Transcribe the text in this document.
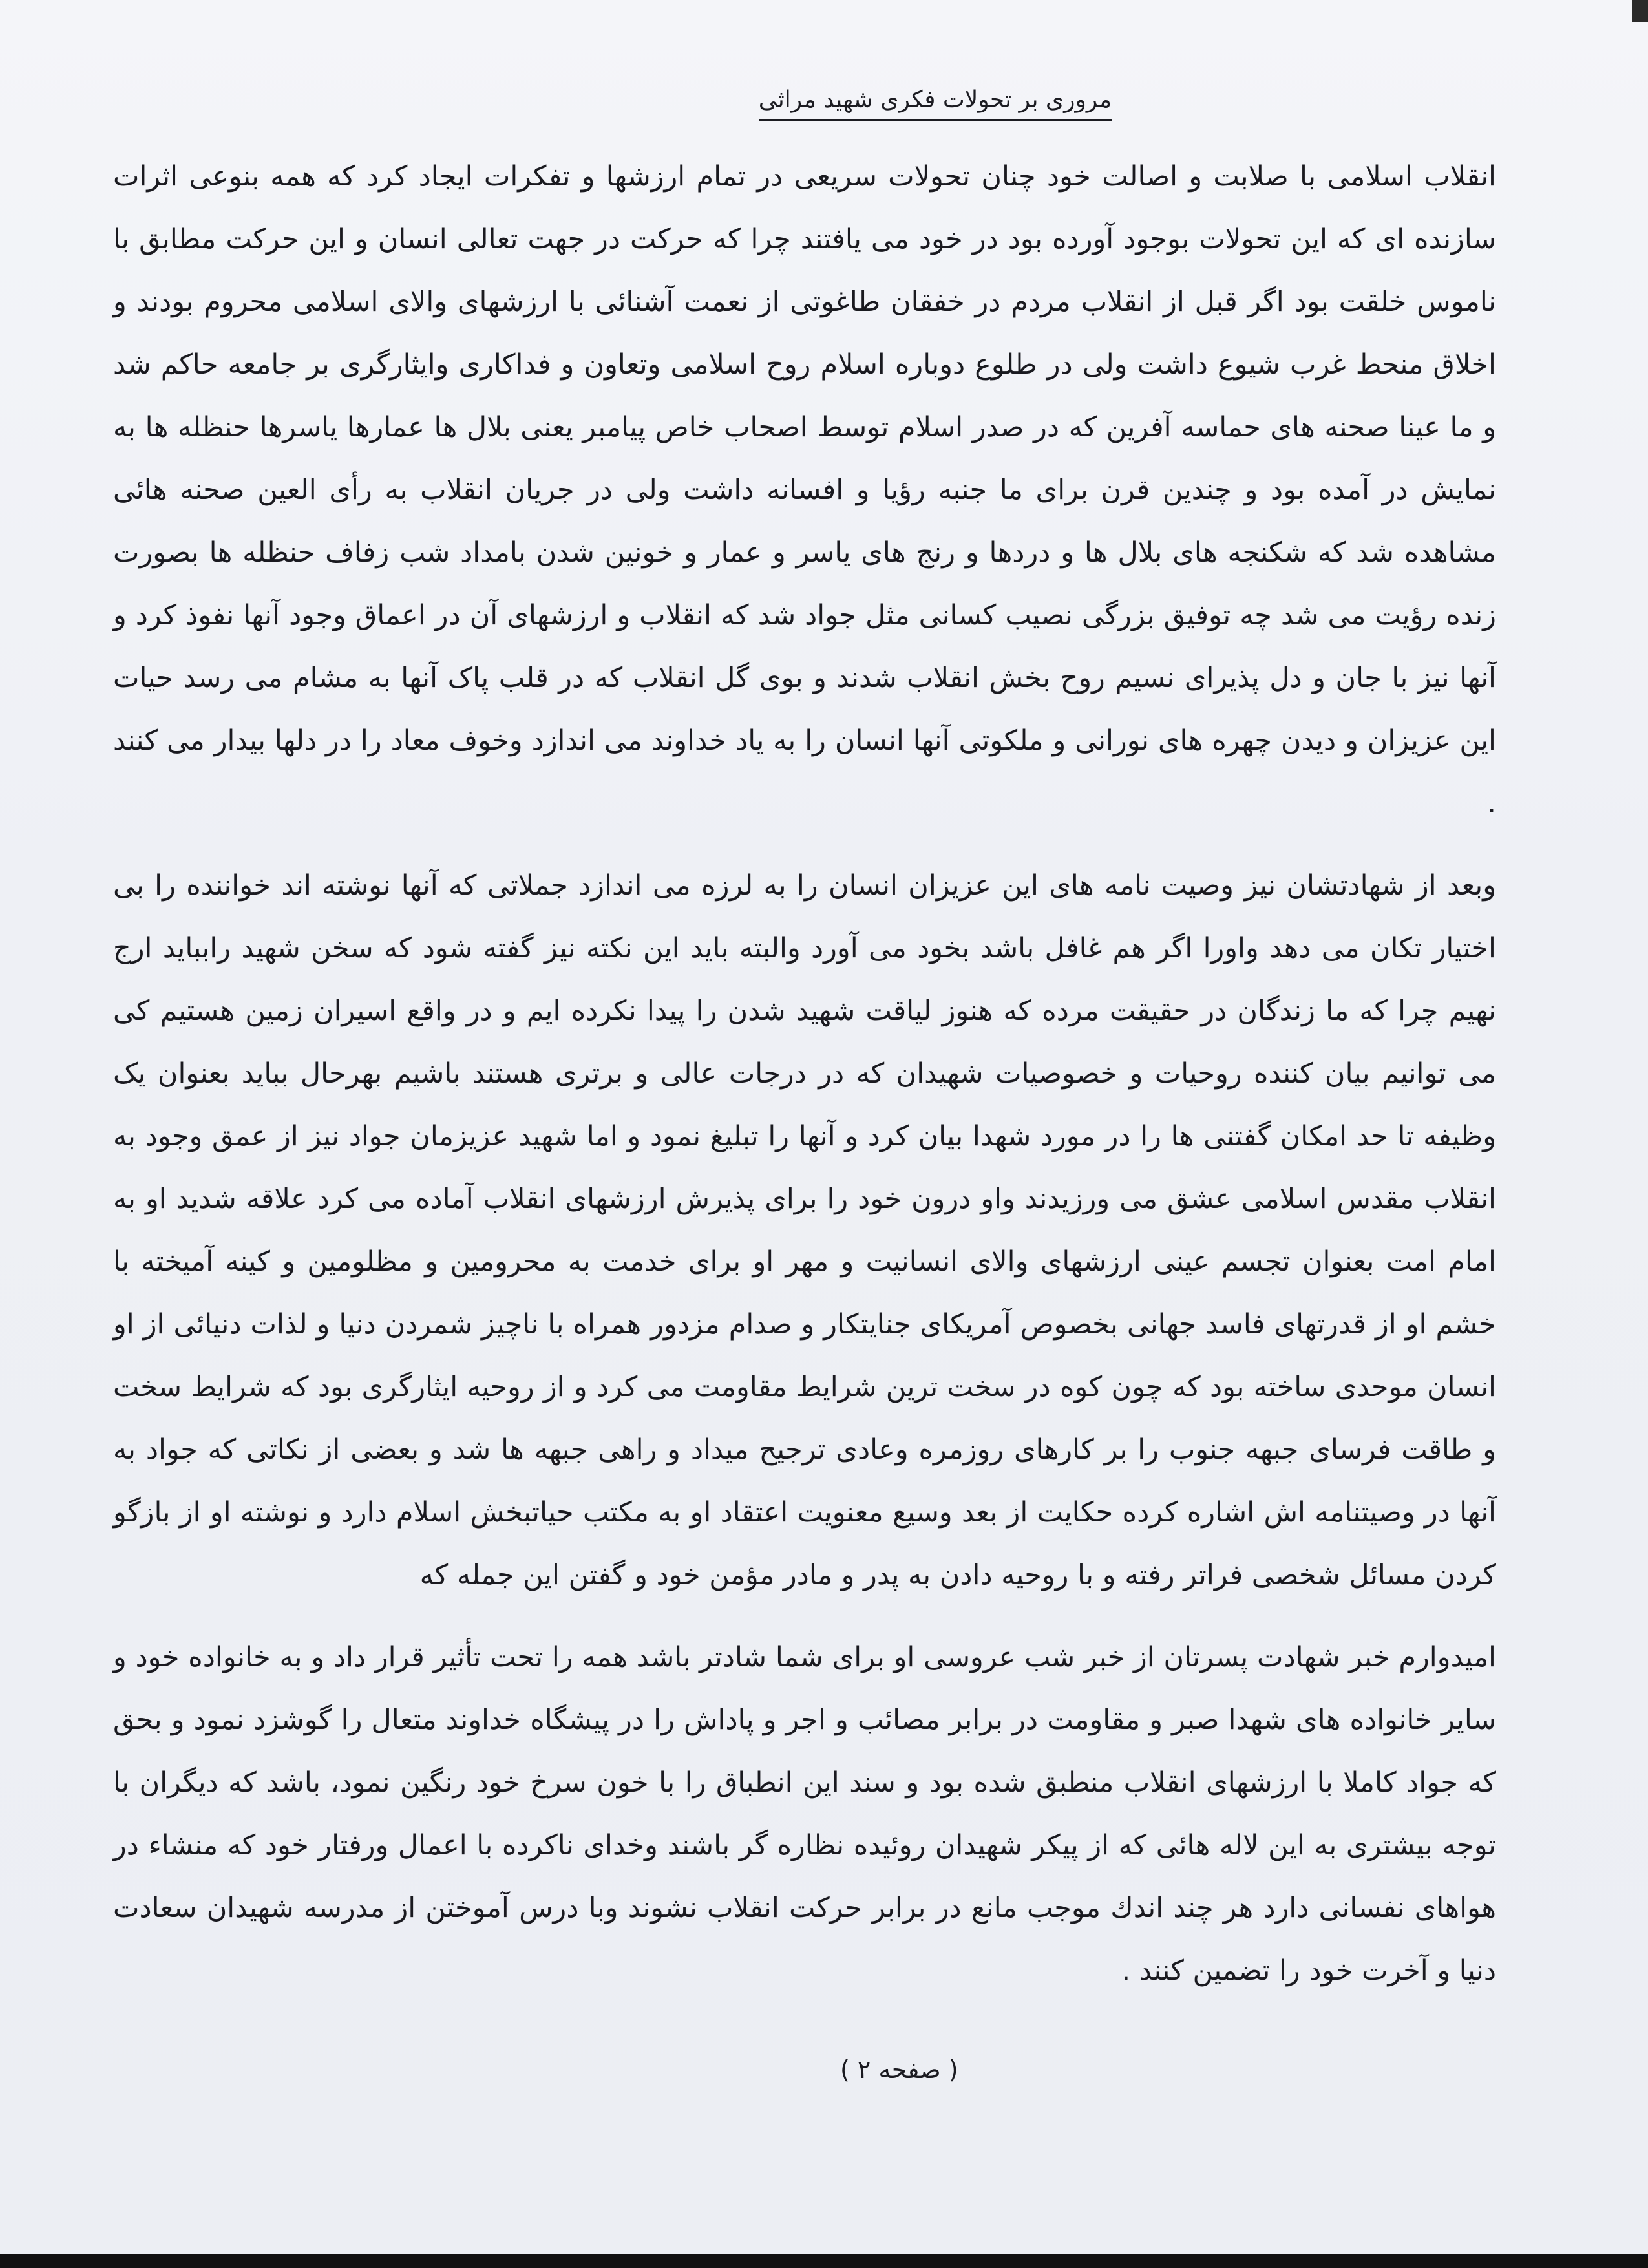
مروری بر تحولات فکری شهید مراثی

انقلاب اسلامی با صلابت و اصالت خود چنان تحولات سریعی در تمام ارزشها و تفکرات ایجاد کرد که همه بنوعی اثرات سازنده ای که این تحولات بوجود آورده بود در خود می یافتند چرا که حرکت در جهت تعالی انسان و این حرکت مطابق با ناموس خلقت بود اگر قبل از انقلاب مردم در خفقان طاغوتی از نعمت آشنائی با ارزشهای والای اسلامی محروم بودند و اخلاق منحط غرب شیوع داشت ولی در طلوع دوباره اسلام روح اسلامی وتعاون و فداکاری وایثارگری بر جامعه حاکم شد و ما عینا صحنه های حماسه آفرین که در صدر اسلام توسط اصحاب خاص پیامبر یعنی بلال ها عمارها یاسرها حنظله ها به نمایش در آمده بود و چندین قرن برای ما جنبه رؤیا و افسانه داشت ولی در جریان انقلاب به رأی العین صحنه هائی مشاهده شد که شکنجه های بلال ها و دردها و رنج های یاسر و عمار و خونین شدن بامداد شب زفاف حنظله ها بصورت زنده رؤیت می شد چه توفیق بزرگی نصیب کسانی مثل جواد شد که انقلاب و ارزشهای آن در اعماق وجود آنها نفوذ کرد و آنها نیز با جان و دل پذیرای نسیم روح بخش انقلاب شدند و بوی گل انقلاب که در قلب پاک آنها به مشام می رسد حیات این عزیزان و دیدن چهره های نورانی و ملکوتی آنها انسان را به یاد خداوند می اندازد وخوف معاد را در دلها بیدار می کنند .

وبعد از شهادتشان نیز وصیت نامه های این عزیزان انسان را به لرزه می اندازد جملاتی که آنها نوشته اند خواننده را بی اختیار تکان می دهد واورا اگر هم غافل باشد بخود می آورد والبته باید این نکته نیز گفته شود که سخن شهید رابباید ارج نهیم چرا که ما زندگان در حقیقت مرده که هنوز لیاقت شهید شدن را پیدا نکرده ایم و در واقع اسیران زمین هستیم کی می توانیم بیان کننده روحیات و خصوصیات شهیدان که در درجات عالی و برتری هستند باشیم بهرحال بباید بعنوان یک وظیفه تا حد امکان گفتنی ها را در مورد شهدا بیان کرد و آنها را تبلیغ نمود و اما شهید عزیزمان جواد نیز از عمق وجود به انقلاب مقدس اسلامی عشق می ورزیدند واو درون خود را برای پذیرش ارزشهای انقلاب آماده می کرد علاقه شدید او به امام امت بعنوان تجسم عینی ارزشهای والای انسانیت و مهر او برای خدمت به محرومین و مظلومین و کینه آمیخته با خشم او از قدرتهای فاسد جهانی بخصوص آمریکای جنایتکار و صدام مزدور همراه با ناچیز شمردن دنیا و لذات دنیائی از او انسان موحدی ساخته بود که چون کوه در سخت ترین شرایط مقاومت می کرد و از روحیه ایثارگری بود که شرایط سخت و طاقت فرسای جبهه جنوب را بر کارهای روزمره وعادی ترجیح میداد و راهی جبهه ها شد و بعضی از نکاتی که جواد به آنها در وصیتنامه اش اشاره کرده حکایت از بعد وسیع معنویت اعتقاد او به مکتب حیاتبخش اسلام دارد و نوشته او از بازگو کردن مسائل شخصی فراتر رفته و با روحیه دادن به پدر و مادر مؤمن خود و گفتن این جمله که

امیدوارم خبر شهادت پسرتان از خبر شب عروسی او برای شما شادتر باشد همه را تحت تأثیر قرار داد و به خانواده خود و سایر خانواده های شهدا صبر و مقاومت در برابر مصائب و اجر و پاداش را در پیشگاه خداوند متعال را گوشزد نمود و بحق که جواد کاملا با ارزشهای انقلاب منطبق شده بود و سند این انطباق را با خون سرخ خود رنگین نمود، باشد که دیگران با توجه بیشتری به این لاله هائی که از پیکر شهیدان روئیده نظاره گر باشند وخدای ناکرده با اعمال ورفتار خود که منشاء در هواهای نفسانی دارد هر چند اندك موجب مانع در برابر حرکت انقلاب نشوند وبا درس آموختن از مدرسه شهیدان سعادت دنیا و آخرت خود را تضمین کنند .

( صفحه ۲ )
